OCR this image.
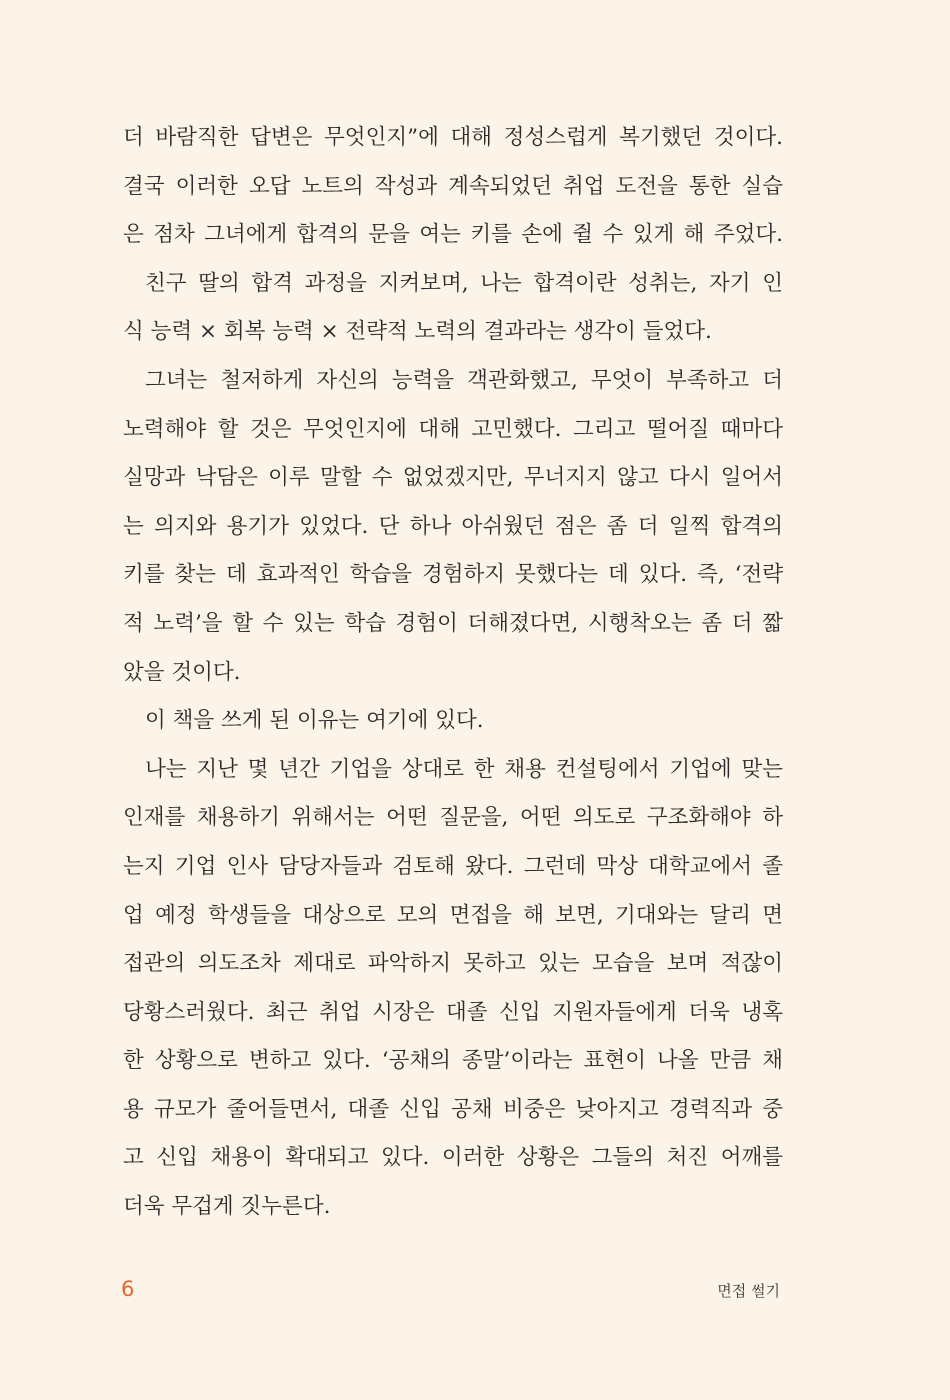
더 바람직한 답변은 무엇인지”에 대해 정성스럽게 복기했던 것이다.
결국 이러한 오답 노트의 작성과 계속되었던 취업 도전을 통한 실습
은 점차 그녀에게 합격의 문을 여는 키를 손에 쥘 수 있게 해 주었다.
친구 딸의 합격 과정을 지켜보며, 나는 합격이란 성취는, 자기 인
식 능력 × 회복 능력 × 전략적 노력의 결과라는 생각이 들었다.
그녀는 철저하게 자신의 능력을 객관화했고, 무엇이 부족하고 더
노력해야 할 것은 무엇인지에 대해 고민했다. 그리고 떨어질 때마다
실망과 낙담은 이루 말할 수 없었겠지만, 무너지지 않고 다시 일어서
는 의지와 용기가 있었다. 단 하나 아쉬웠던 점은 좀 더 일찍 합격의
키를 찾는 데 효과적인 학습을 경험하지 못했다는 데 있다. 즉, ‘전략
적 노력’을 할 수 있는 학습 경험이 더해졌다면, 시행착오는 좀 더 짧
았을 것이다.
이 책을 쓰게 된 이유는 여기에 있다.
나는 지난 몇 년간 기업을 상대로 한 채용 컨설팅에서 기업에 맞는
인재를 채용하기 위해서는 어떤 질문을, 어떤 의도로 구조화해야 하
는지 기업 인사 담당자들과 검토해 왔다. 그런데 막상 대학교에서 졸
업 예정 학생들을 대상으로 모의 면접을 해 보면, 기대와는 달리 면
접관의 의도조차 제대로 파악하지 못하고 있는 모습을 보며 적잖이
당황스러웠다. 최근 취업 시장은 대졸 신입 지원자들에게 더욱 냉혹
한 상황으로 변하고 있다. ‘공채의 종말’이라는 표현이 나올 만큼 채
용 규모가 줄어들면서, 대졸 신입 공채 비중은 낮아지고 경력직과 중
고 신입 채용이 확대되고 있다. 이러한 상황은 그들의 처진 어깨를
더욱 무겁게 짓누른다.
6	면접 썰기
